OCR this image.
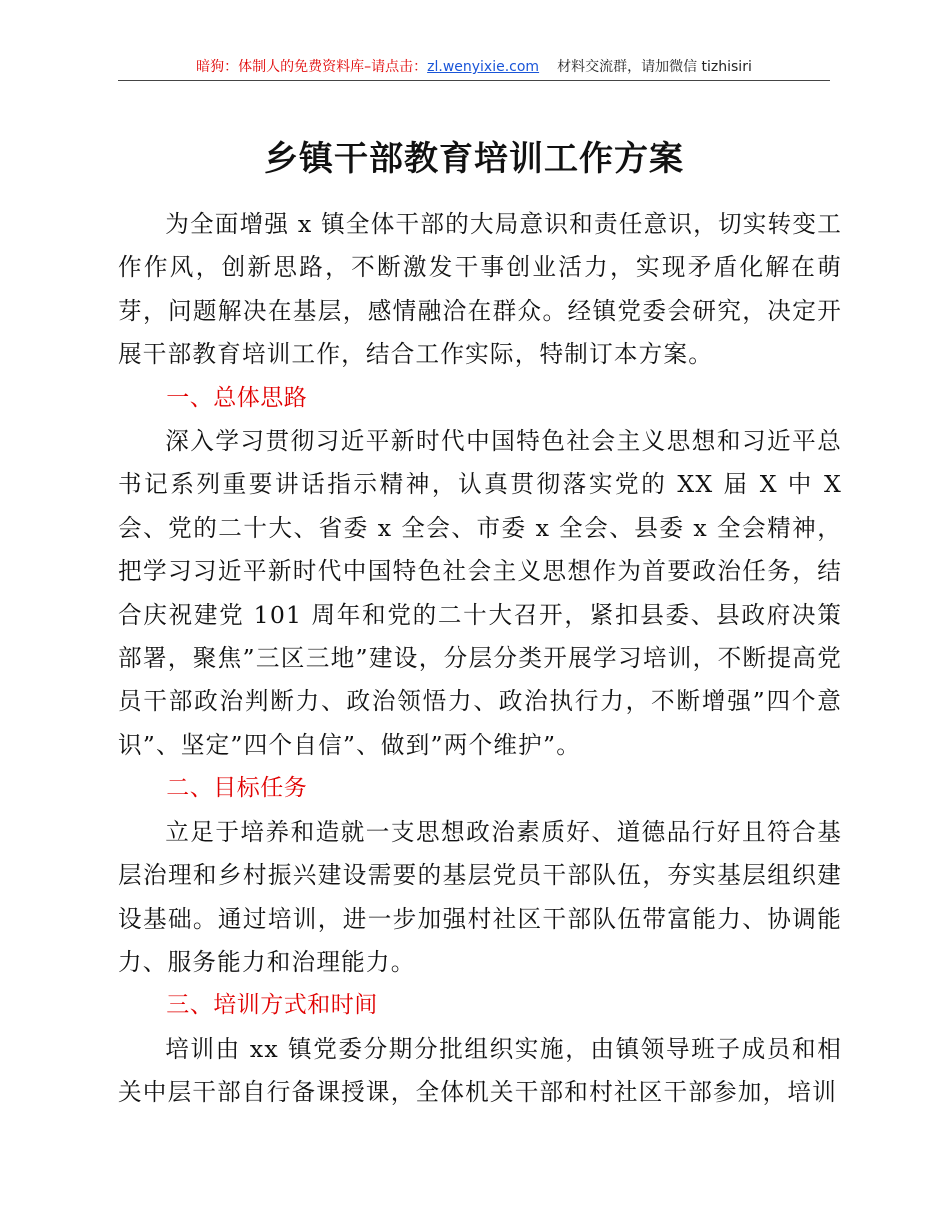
暗狗：体制人的免费资料库–请点击：zl.wenyixie.com 材料交流群，请加微信 tizhisiri
乡镇干部教育培训工作方案

为全面增强 x 镇全体干部的大局意识和责任意识，切实转变工作作风，创新思路，不断激发干事创业活力，实现矛盾化解在萌芽，问题解决在基层，感情融洽在群众。经镇党委会研究，决定开展干部教育培训工作，结合工作实际，特制订本方案。

一、总体思路

深入学习贯彻习近平新时代中国特色社会主义思想和习近平总书记系列重要讲话指示精神，认真贯彻落实党的 XX 届 X 中 X 会、党的二十大、省委 x 全会、市委 x 全会、县委 x 全会精神，把学习习近平新时代中国特色社会主义思想作为首要政治任务，结合庆祝建党 101 周年和党的二十大召开，紧扣县委、县政府决策部署，聚焦”三区三地”建设，分层分类开展学习培训，不断提高党员干部政治判断力、政治领悟力、政治执行力，不断增强”四个意识”、坚定”四个自信”、做到”两个维护”。

二、目标任务

立足于培养和造就一支思想政治素质好、道德品行好且符合基层治理和乡村振兴建设需要的基层党员干部队伍，夯实基层组织建设基础。通过培训，进一步加强村社区干部队伍带富能力、协调能力、服务能力和治理能力。

三、培训方式和时间

培训由 xx 镇党委分期分批组织实施，由镇领导班子成员和相关中层干部自行备课授课，全体机关干部和村社区干部参加，培训
